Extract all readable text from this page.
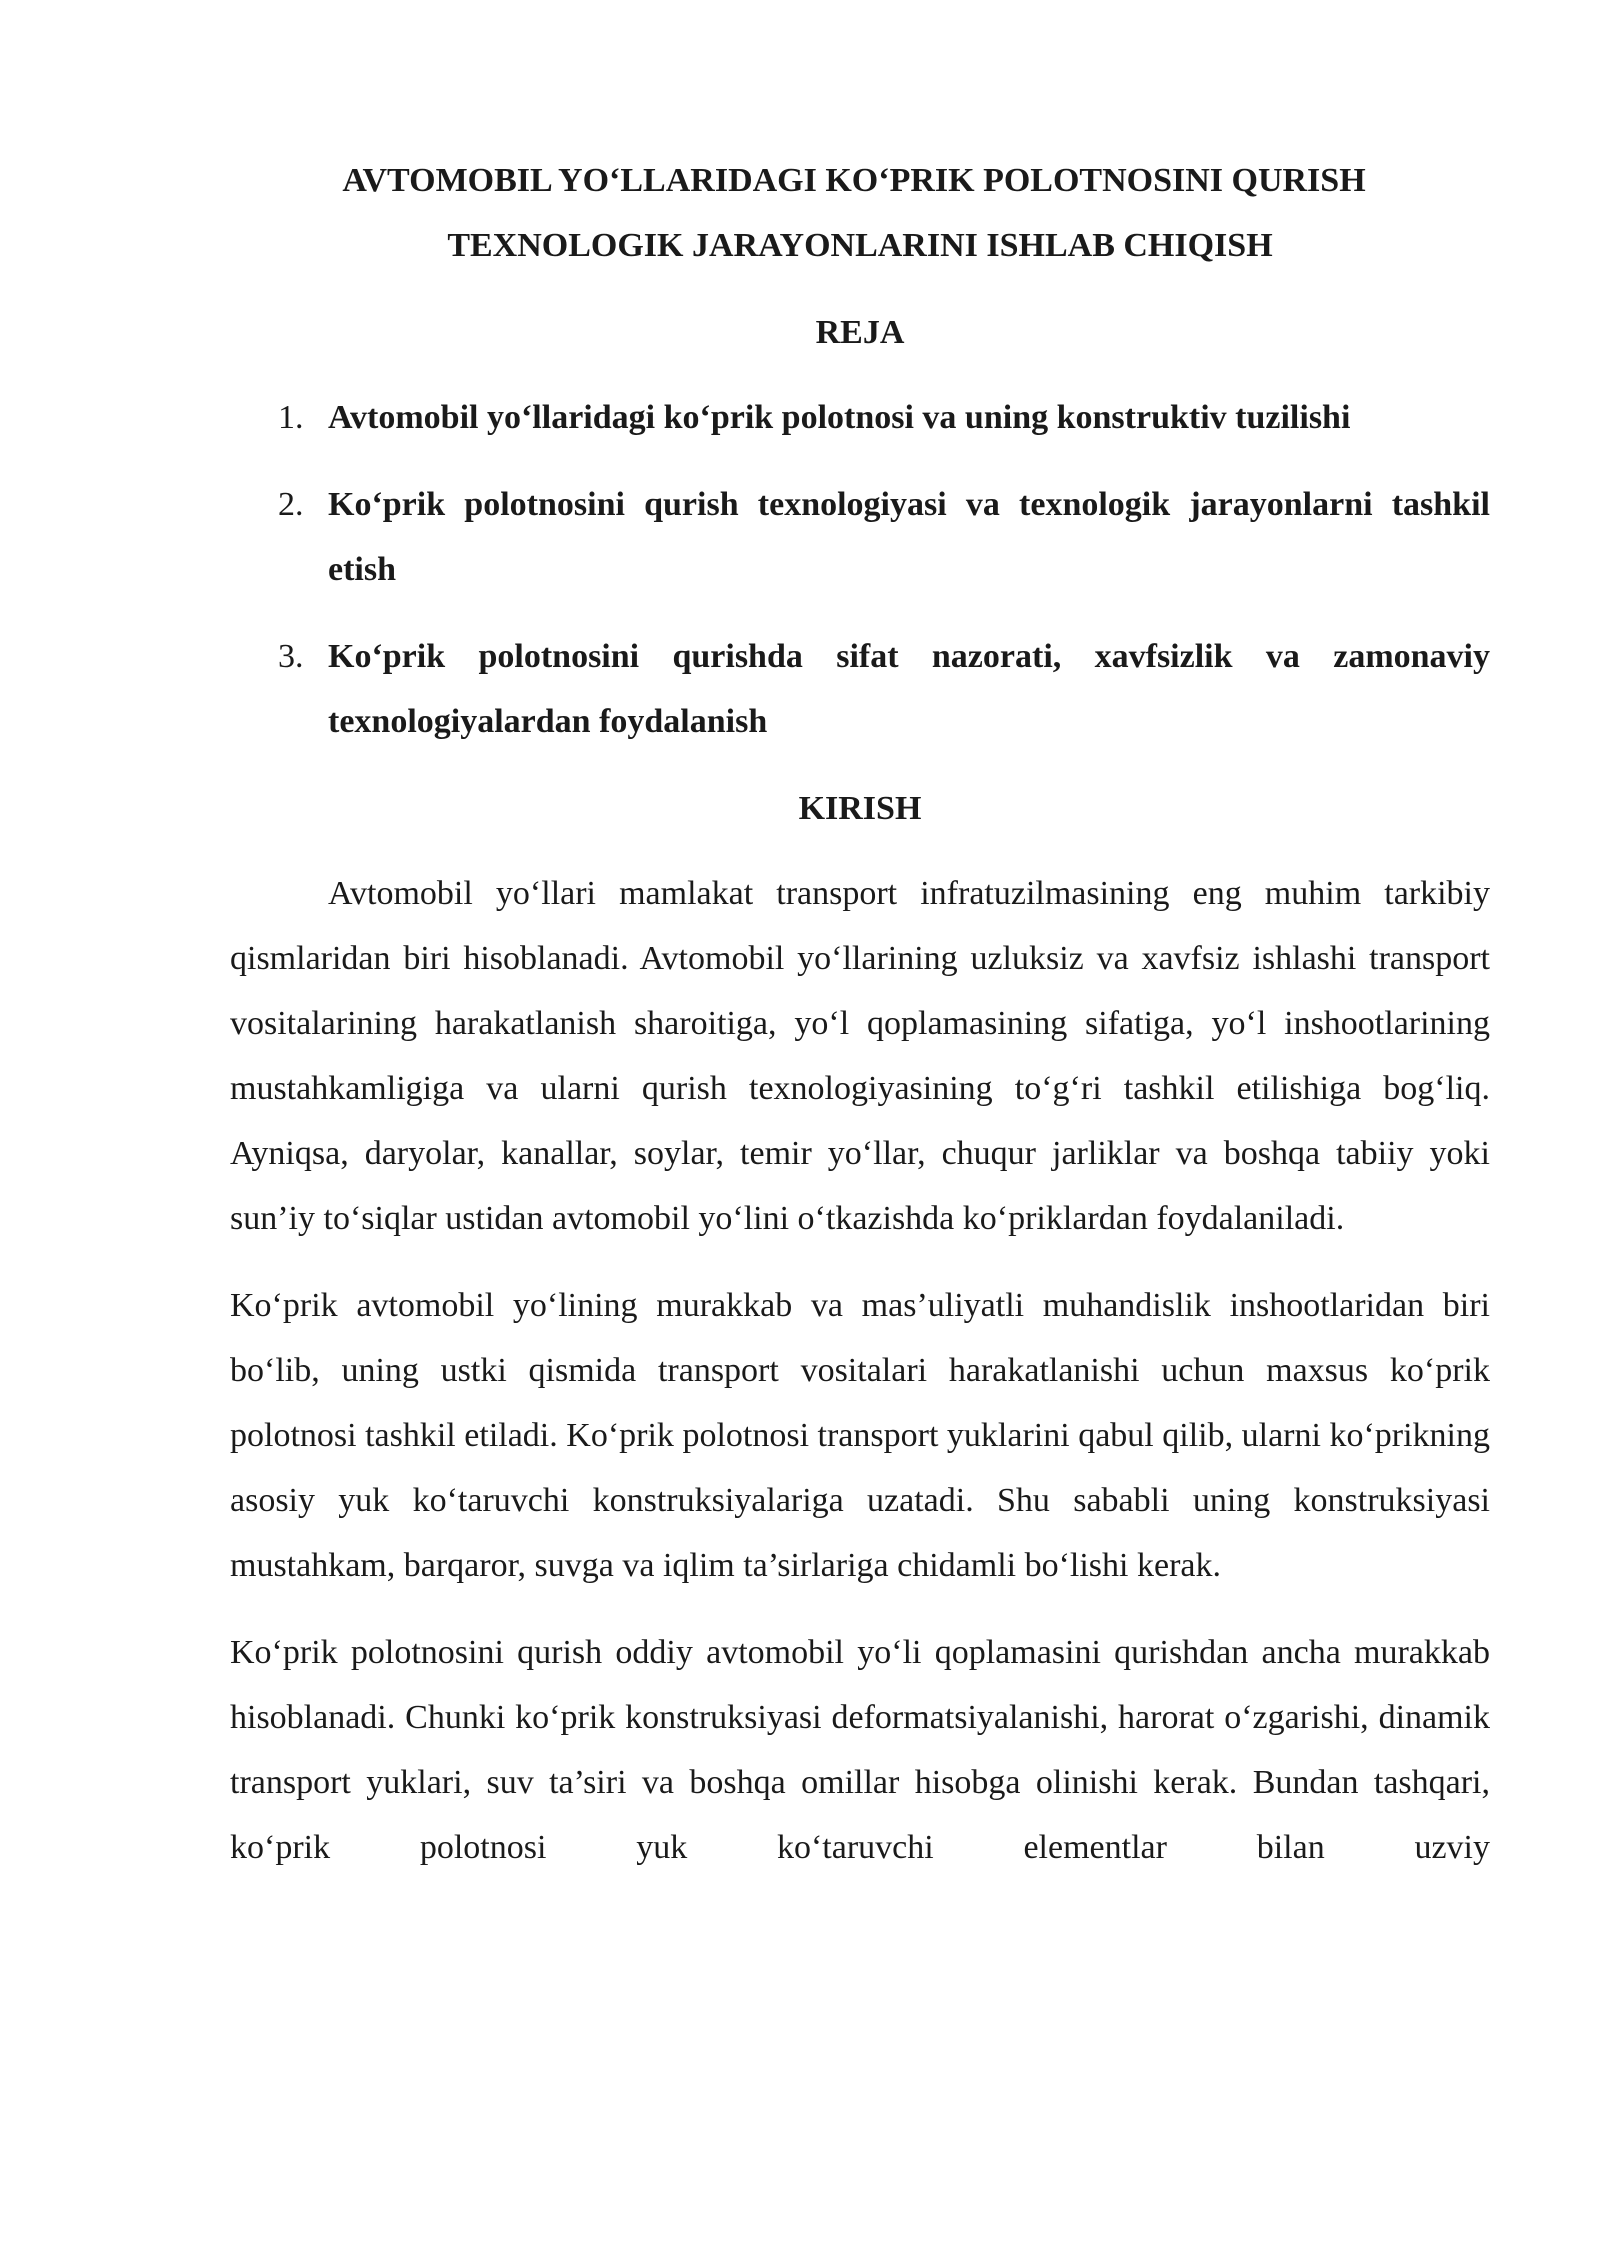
AVTOMOBIL YO‘LLARIDAGI KO‘PRIK POLOTNOSINI QURISH
TEXNOLOGIK JARAYONLARINI ISHLAB CHIQISH
REJA
1. Avtomobil yo‘llaridagi ko‘prik polotnosi va uning konstruktiv tuzilishi
2. Ko‘prik polotnosini qurish texnologiyasi va texnologik jarayonlarni tashkil etish
3. Ko‘prik polotnosini qurishda sifat nazorati, xavfsizlik va zamonaviy texnologiyalardan foydalanish
KIRISH

Avtomobil yo‘llari mamlakat transport infratuzilmasining eng muhim tarkibiy qismlaridan biri hisoblanadi. Avtomobil yo‘llarining uzluksiz va xavfsiz ishlashi transport vositalarining harakatlanish sharoitiga, yo‘l qoplamasining sifatiga, yo‘l inshootlarining mustahkamligiga va ularni qurish texnologiyasining to‘g‘ri tashkil etilishiga bog‘liq. Ayniqsa, daryolar, kanallar, soylar, temir yo‘llar, chuqur jarliklar va boshqa tabiiy yoki sun’iy to‘siqlar ustidan avtomobil yo‘lini o‘tkazishda ko‘priklardan foydalaniladi.

Ko‘prik avtomobil yo‘lining murakkab va mas’uliyatli muhandislik inshootlaridan biri bo‘lib, uning ustki qismida transport vositalari harakatlanishi uchun maxsus ko‘prik polotnosi tashkil etiladi. Ko‘prik polotnosi transport yuklarini qabul qilib, ularni ko‘prikning asosiy yuk ko‘taruvchi konstruksiyalariga uzatadi. Shu sababli uning konstruksiyasi mustahkam, barqaror, suvga va iqlim ta’sirlariga chidamli bo‘lishi kerak.

Ko‘prik polotnosini qurish oddiy avtomobil yo‘li qoplamasini qurishdan ancha murakkab hisoblanadi. Chunki ko‘prik konstruksiyasi deformatsiyalanishi, harorat o‘zgarishi, dinamik transport yuklari, suv ta’siri va boshqa omillar hisobga olinishi kerak. Bundan tashqari, ko‘prik polotnosi yuk ko‘taruvchi elementlar bilan uzviy
